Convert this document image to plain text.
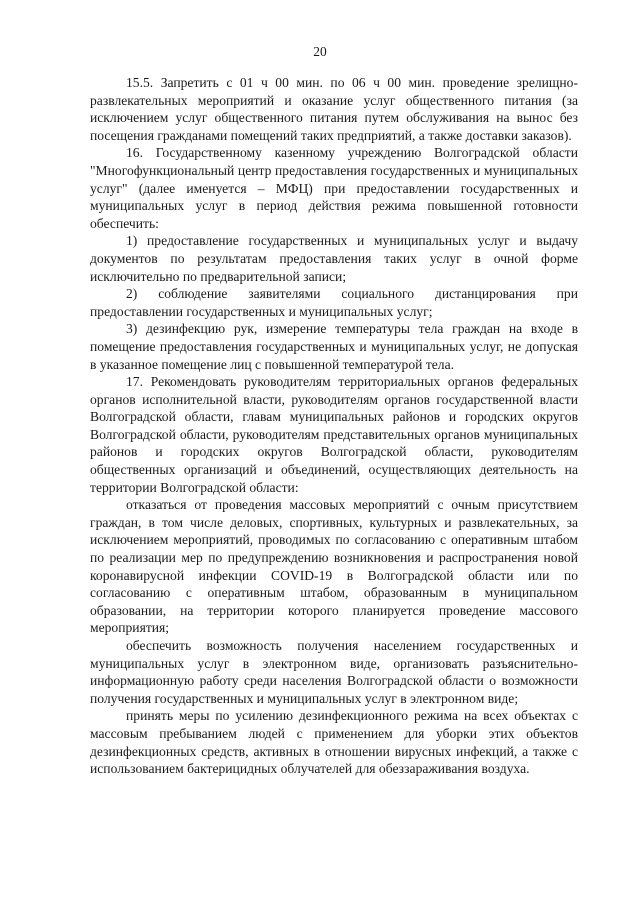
20

15.5. Запретить с 01 ч 00 мин. по 06 ч 00 мин. проведение зрелищно-развлекательных мероприятий и оказание услуг общественного питания (за исключением услуг общественного питания путем обслуживания на вынос без посещения гражданами помещений таких предприятий, а также доставки заказов).

16. Государственному казенному учреждению Волгоградской области "Многофункциональный центр предоставления государственных и муниципальных услуг" (далее именуется – МФЦ) при предоставлении государственных и муниципальных услуг в период действия режима повышенной готовности обеспечить:

1) предоставление государственных и муниципальных услуг и выдачу документов по результатам предоставления таких услуг в очной форме исключительно по предварительной записи;

2) соблюдение заявителями социального дистанцирования при предоставлении государственных и муниципальных услуг;

3) дезинфекцию рук, измерение температуры тела граждан на входе в помещение предоставления государственных и муниципальных услуг, не допуская в указанное помещение лиц с повышенной температурой тела.

17. Рекомендовать руководителям территориальных органов федеральных органов исполнительной власти, руководителям органов государственной власти Волгоградской области, главам муниципальных районов и городских округов Волгоградской области, руководителям представительных органов муниципальных районов и городских округов Волгоградской области, руководителям общественных организаций и объединений, осуществляющих деятельность на территории Волгоградской области:

отказаться от проведения массовых мероприятий с очным присутствием граждан, в том числе деловых, спортивных, культурных и развлекательных, за исключением мероприятий, проводимых по согласованию с оперативным штабом по реализации мер по предупреждению возникновения и распространения новой коронавирусной инфекции COVID-19 в Волгоградской области или по согласованию с оперативным штабом, образованным в муниципальном образовании, на территории которого планируется проведение массового мероприятия;

обеспечить возможность получения населением государственных и муниципальных услуг в электронном виде, организовать разъяснительно-информационную работу среди населения Волгоградской области о возможности получения государственных и муниципальных услуг в электронном виде;

принять меры по усилению дезинфекционного режима на всех объектах с массовым пребыванием людей с применением для уборки этих объектов дезинфекционных средств, активных в отношении вирусных инфекций, а также с использованием бактерицидных облучателей для обеззараживания воздуха.
